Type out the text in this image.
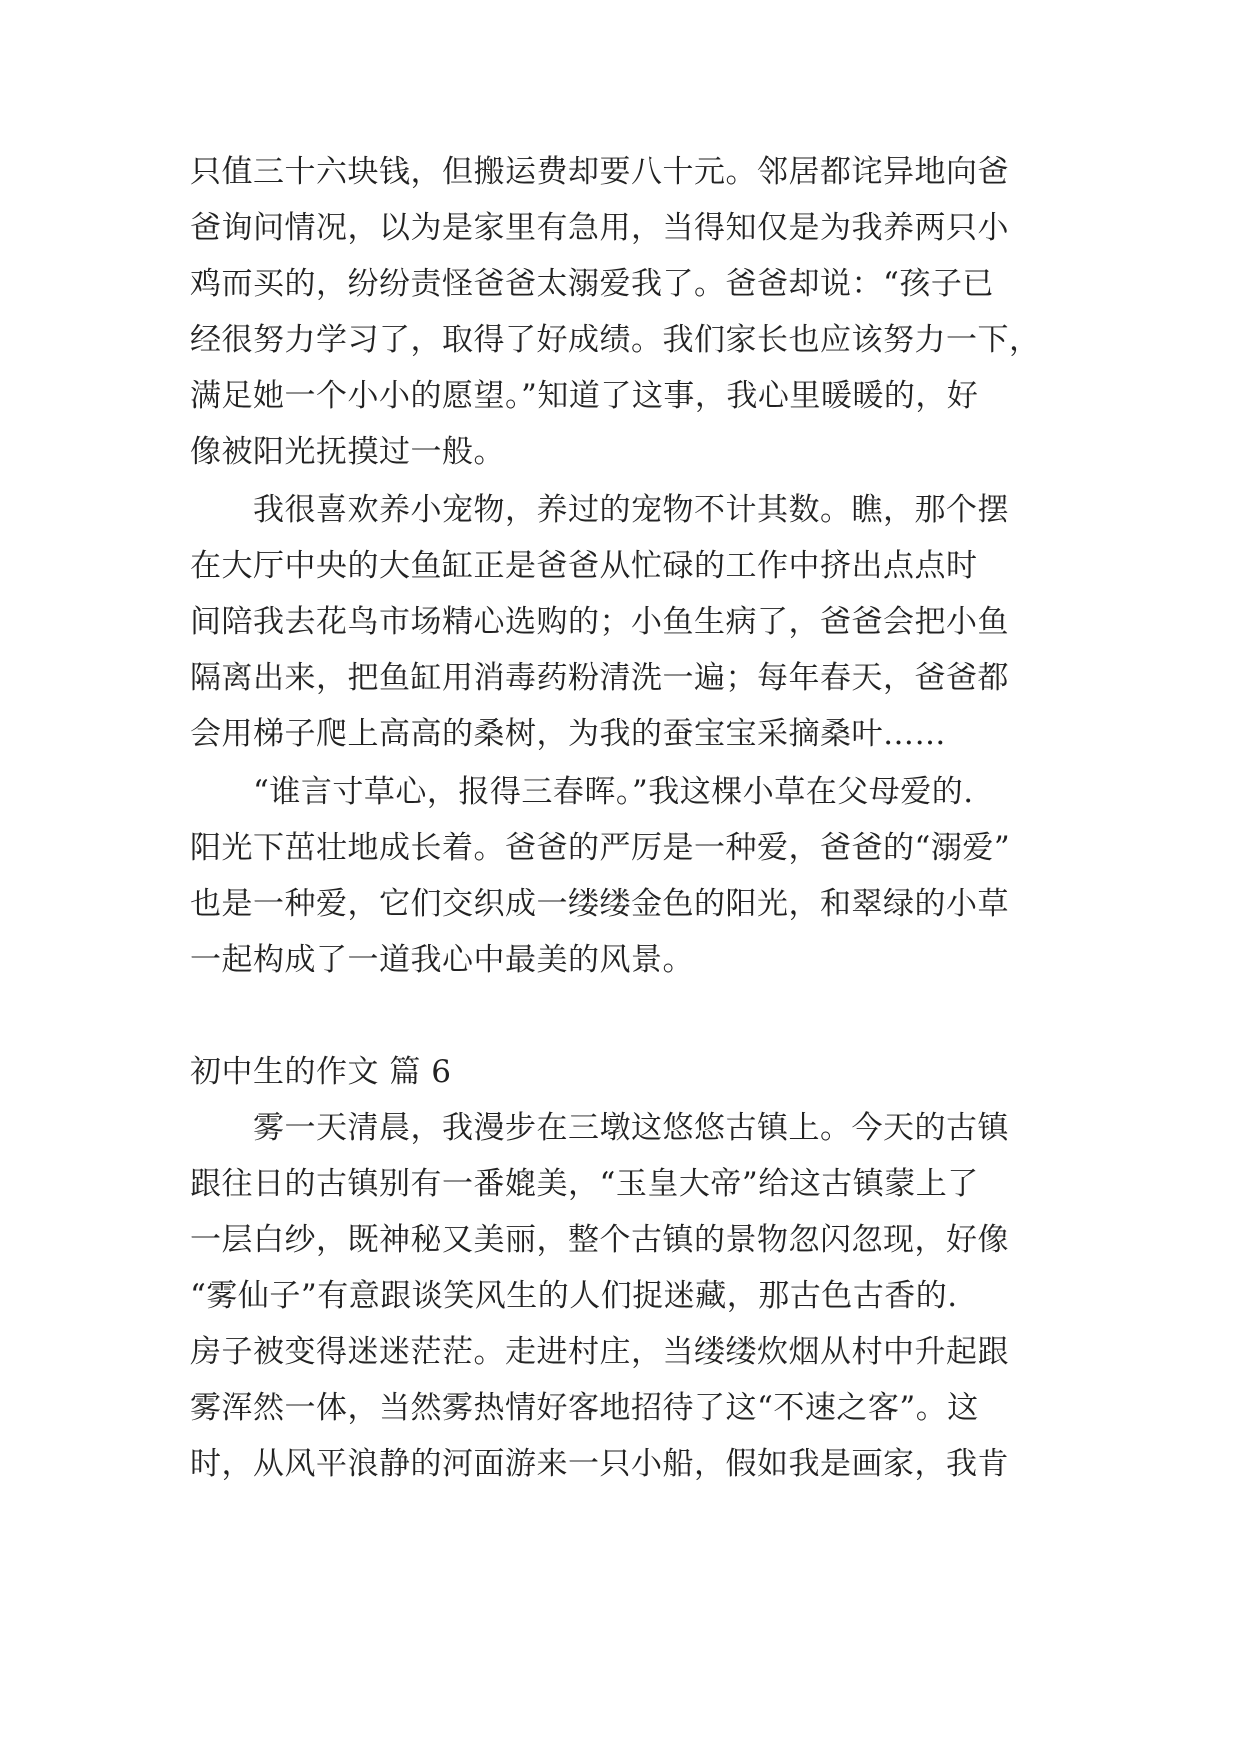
只值三十六块钱，但搬运费却要八十元。邻居都诧异地向爸
爸询问情况，以为是家里有急用，当得知仅是为我养两只小
鸡而买的，纷纷责怪爸爸太溺爱我了。爸爸却说：“孩子已
经很努力学习了，取得了好成绩。我们家长也应该努力一下，
满足她一个小小的愿望。”知道了这事，我心里暖暖的，好
像被阳光抚摸过一般。
　　我很喜欢养小宠物，养过的宠物不计其数。瞧，那个摆
在大厅中央的大鱼缸正是爸爸从忙碌的工作中挤出点点时
间陪我去花鸟市场精心选购的；小鱼生病了，爸爸会把小鱼
隔离出来，把鱼缸用消毒药粉清洗一遍；每年春天，爸爸都
会用梯子爬上高高的桑树，为我的蚕宝宝采摘桑叶……
　　“谁言寸草心，报得三春晖。”我这棵小草在父母爱的.
阳光下茁壮地成长着。爸爸的严厉是一种爱，爸爸的“溺爱”
也是一种爱，它们交织成一缕缕金色的阳光，和翠绿的小草
一起构成了一道我心中最美的风景。
初中生的作文 篇 6
　　雾一天清晨，我漫步在三墩这悠悠古镇上。今天的古镇
跟往日的古镇别有一番媲美，“玉皇大帝”给这古镇蒙上了
一层白纱，既神秘又美丽，整个古镇的景物忽闪忽现，好像
“雾仙子”有意跟谈笑风生的人们捉迷藏，那古色古香的.
房子被变得迷迷茫茫。走进村庄，当缕缕炊烟从村中升起跟
雾浑然一体，当然雾热情好客地招待了这“不速之客”。这
时，从风平浪静的河面游来一只小船，假如我是画家，我肯
